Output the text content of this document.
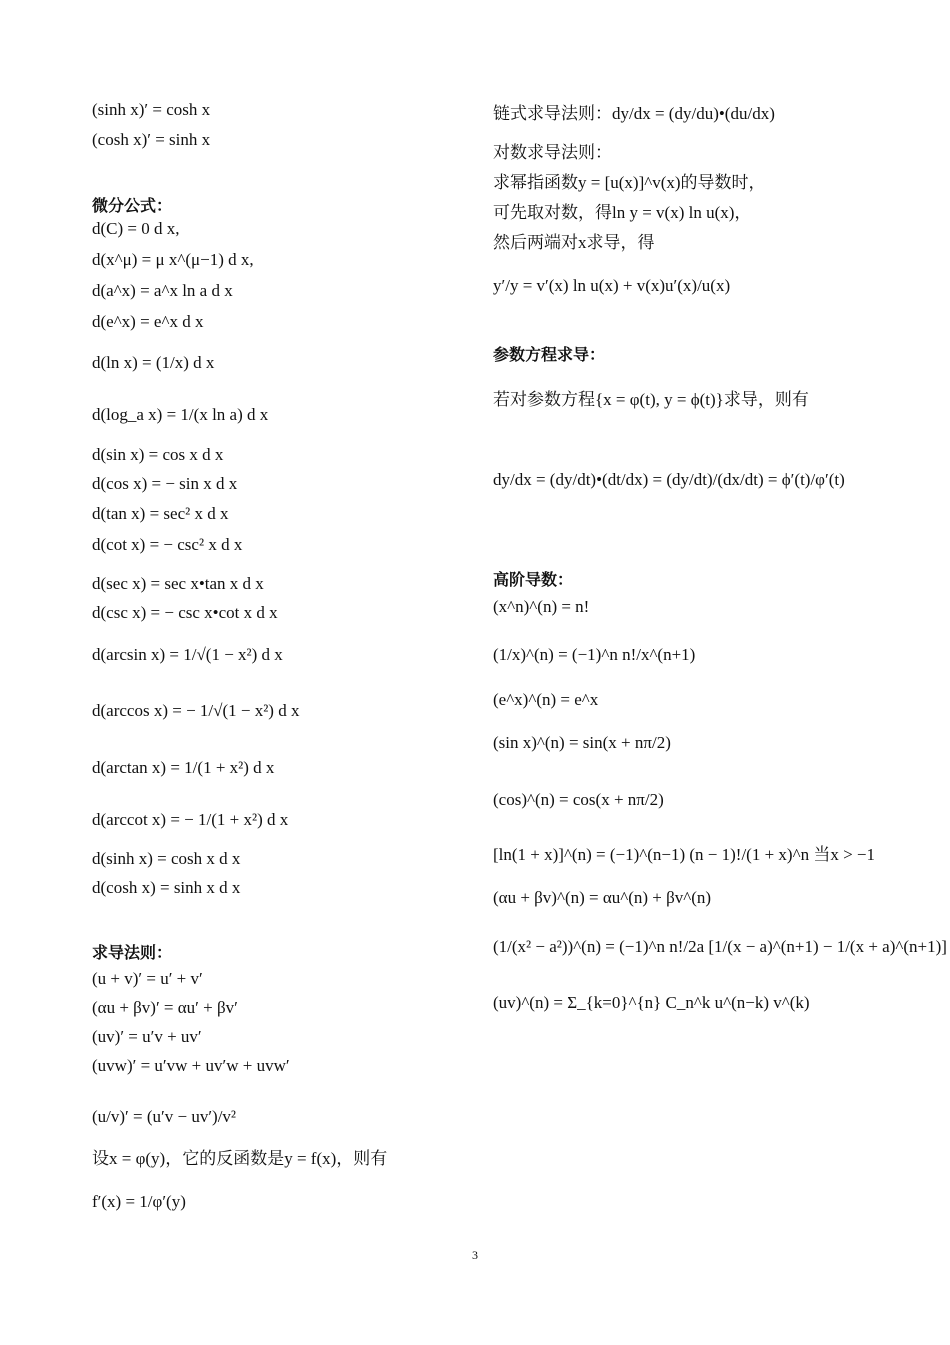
(sinh x)′ = cosh x
(cosh x)′ = sinh x
微分公式：
d(C) = 0 d x,
d(x^μ) = μ x^(μ−1) d x,
d(a^x) = a^x ln a d x
d(e^x) = e^x d x
d(ln x) = (1/x) d x
d(log_a x) = 1/(x ln a) d x
d(sin x) = cos x d x
d(cos x) = − sin x d x
d(tan x) = sec² x d x
d(cot x) = − csc² x d x
d(sec x) = sec x•tan x d x
d(csc x) = − csc x•cot x d x
d(arcsin x) = 1/√(1 − x²) d x
d(arccos x) = − 1/√(1 − x²) d x
d(arctan x) = 1/(1 + x²) d x
d(arccot x) = − 1/(1 + x²) d x
d(sinh x) = cosh x d x
d(cosh x) = sinh x d x
求导法则：
(u + v)′ = u′ + v′
(αu + βv)′ = αu′ + βv′
(uv)′ = u′v + uv′
(uvw)′ = u′vw + uv′w + uvw′
(u/v)′ = (u′v − uv′)/v²
设x = φ(y)，它的反函数是y = f(x)，则有
f′(x) = 1/φ′(y)
链式求导法则：dy/dx = (dy/du)•(du/dx)
对数求导法则：
求幂指函数y = [u(x)]^v(x)的导数时，
可先取对数，得ln y = v(x) ln u(x)，
然后两端对x求导，得
y′/y = v′(x) ln u(x) + v(x)u′(x)/u(x)
参数方程求导：
若对参数方程{x = φ(t), y = ϕ(t)}求导，则有
dy/dx = (dy/dt)•(dt/dx) = (dy/dt)/(dx/dt) = ϕ′(t)/φ′(t)
高阶导数：
(x^n)^(n) = n!
(1/x)^(n) = (−1)^n n!/x^(n+1)
(e^x)^(n) = e^x
(sin x)^(n) = sin(x + nπ/2)
(cos)^(n) = cos(x + nπ/2)
[ln(1 + x)]^(n) = (−1)^(n−1) (n − 1)!/(1 + x)^n 当x > −1
(αu + βv)^(n) = αu^(n) + βv^(n)
(1/(x² − a²))^(n) = (−1)^n n!/2a [1/(x − a)^(n+1) − 1/(x + a)^(n+1)]
(uv)^(n) = Σ_{k=0}^{n} C_n^k u^(n−k) v^(k)
3
